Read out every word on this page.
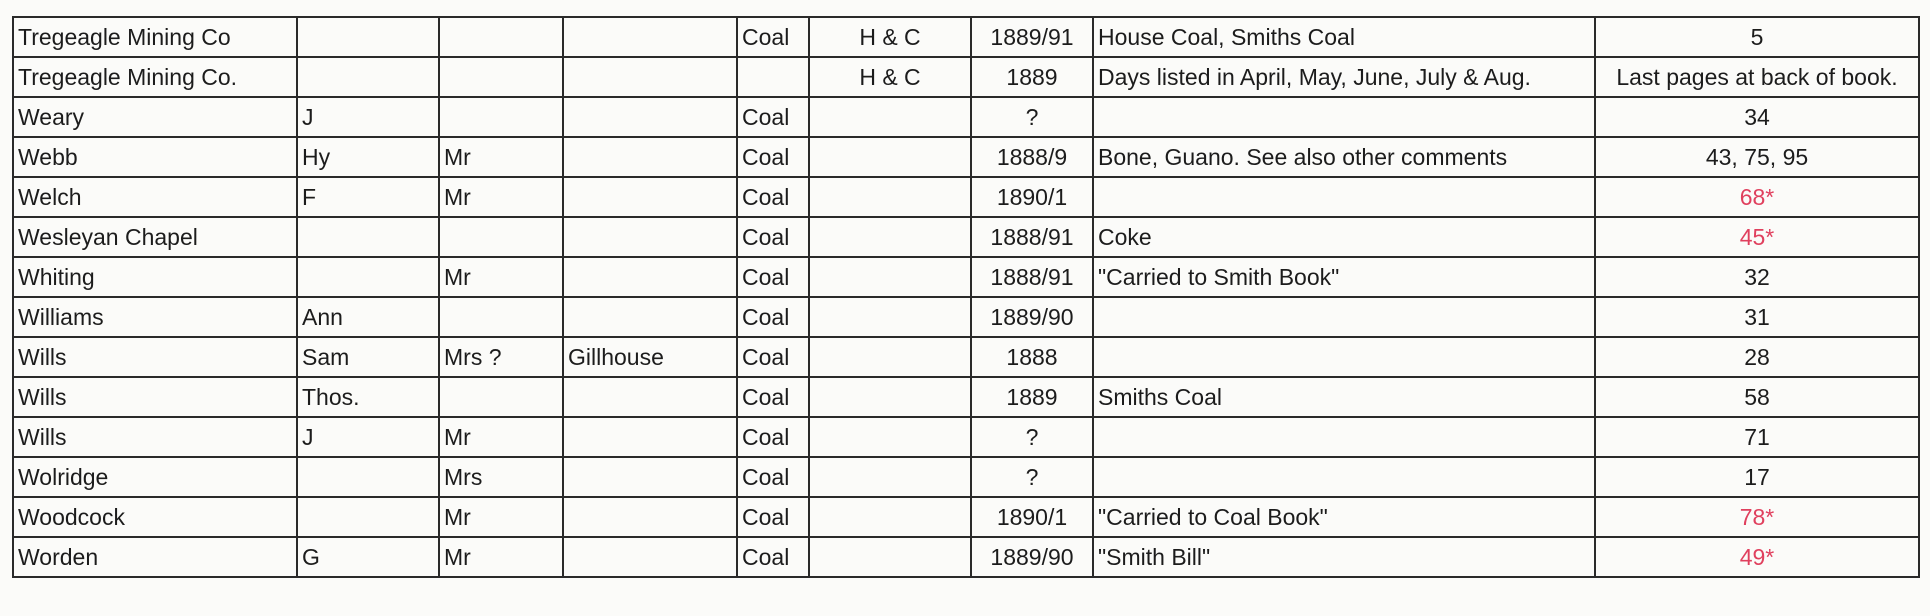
Tregeagle Mining Co				Coal	H & C	1889/91	House Coal, Smiths Coal	5
Tregeagle Mining Co.					H & C	1889	Days listed in April, May, June, July & Aug.	Last pages at back of book.
Weary	J			Coal		?		34
Webb	Hy	Mr		Coal		1888/9	Bone, Guano. See also other comments	43, 75, 95
Welch	F	Mr		Coal		1890/1		68*
Wesleyan Chapel				Coal		1888/91	Coke	45*
Whiting		Mr		Coal		1888/91	"Carried to Smith Book"	32
Williams	Ann			Coal		1889/90		31
Wills	Sam	Mrs ?	Gillhouse	Coal		1888		28
Wills	Thos.			Coal		1889	Smiths Coal	58
Wills	J	Mr		Coal		?		71
Wolridge		Mrs		Coal		?		17
Woodcock		Mr		Coal		1890/1	"Carried to Coal Book"	78*
Worden	G	Mr		Coal		1889/90	"Smith Bill"	49*
